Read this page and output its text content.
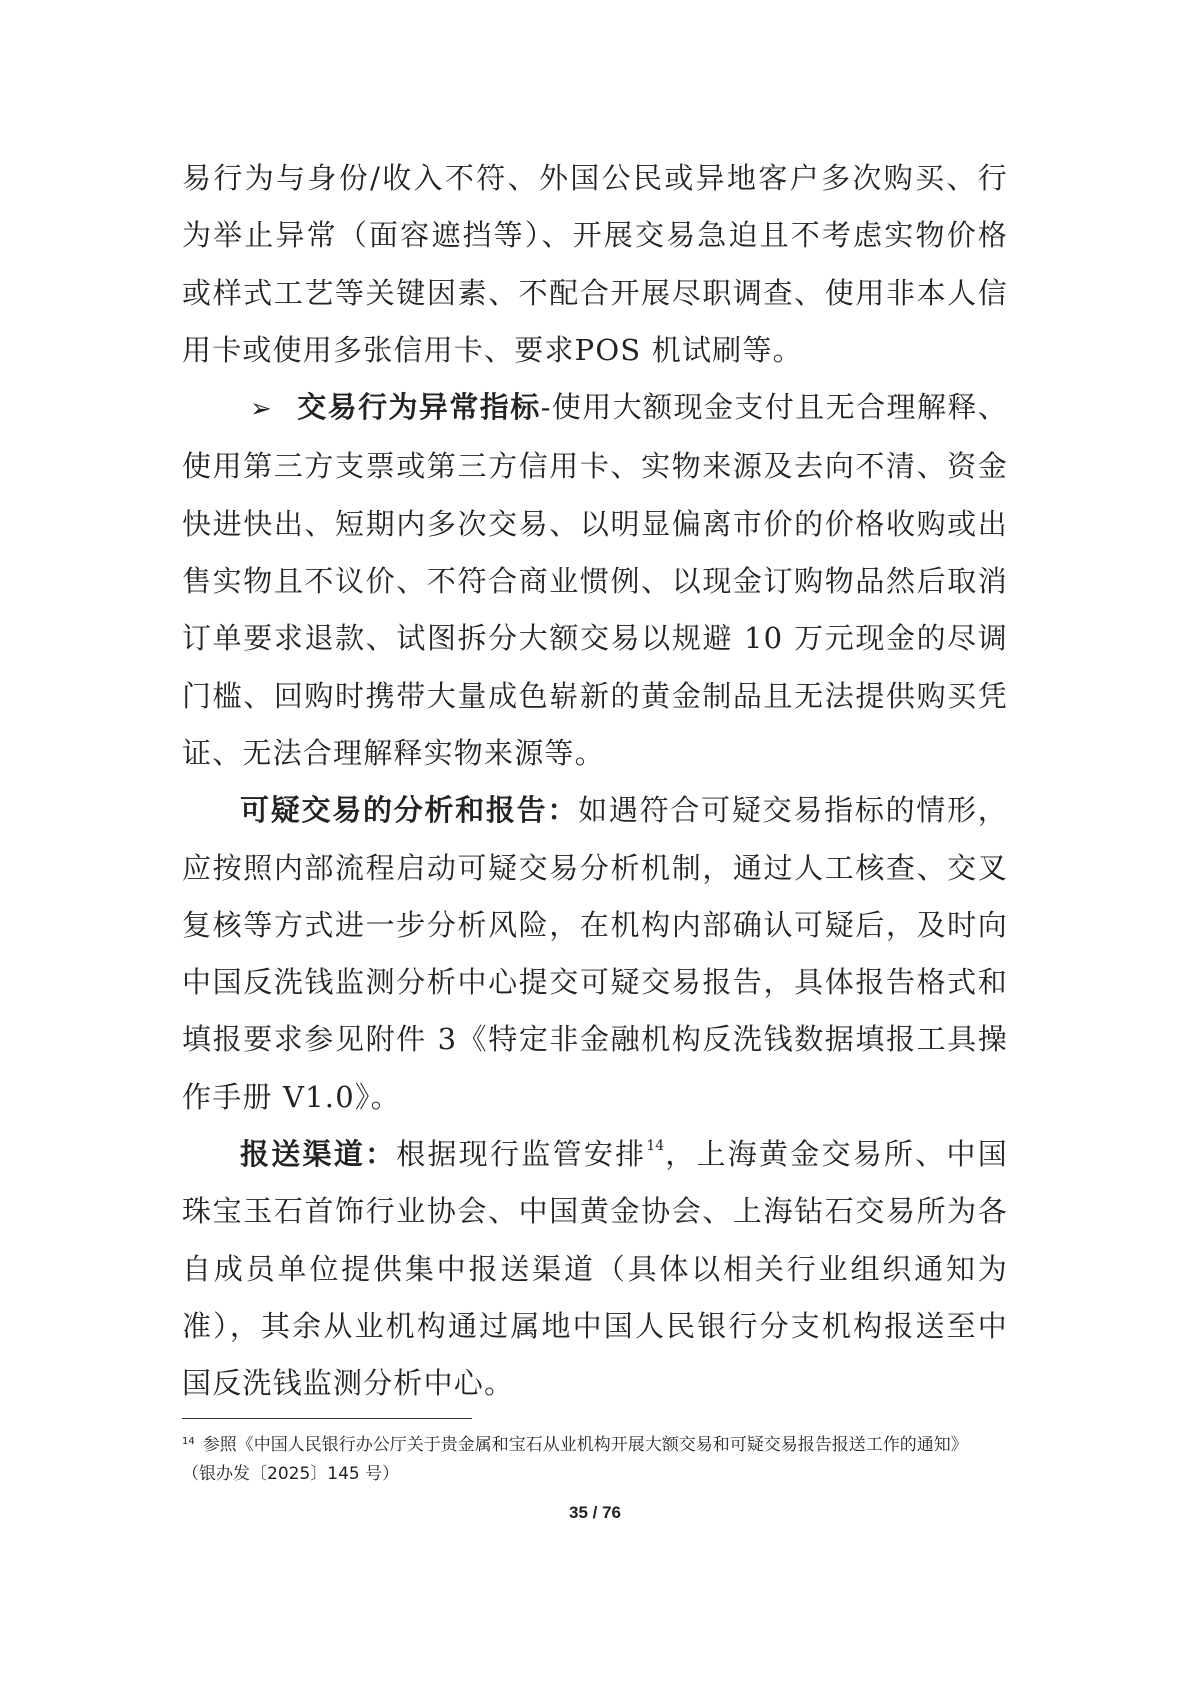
易行为与身份/收入不符、外国公民或异地客户多次购买、行为举止异常（面容遮挡等）、开展交易急迫且不考虑实物价格或样式工艺等关键因素、不配合开展尽职调查、使用非本人信用卡或使用多张信用卡、要求POS 机试刷等。

➢ 交易行为异常指标-使用大额现金支付且无合理解释、使用第三方支票或第三方信用卡、实物来源及去向不清、资金快进快出、短期内多次交易、以明显偏离市价的价格收购或出售实物且不议价、不符合商业惯例、以现金订购物品然后取消订单要求退款、试图拆分大额交易以规避 10 万元现金的尽调门槛、回购时携带大量成色崭新的黄金制品且无法提供购买凭证、无法合理解释实物来源等。

可疑交易的分析和报告：如遇符合可疑交易指标的情形，应按照内部流程启动可疑交易分析机制，通过人工核查、交叉复核等方式进一步分析风险，在机构内部确认可疑后，及时向中国反洗钱监测分析中心提交可疑交易报告，具体报告格式和填报要求参见附件 3《特定非金融机构反洗钱数据填报工具操作手册 V1.0》。

报送渠道：根据现行监管安排$^{14}$，上海黄金交易所、中国珠宝玉石首饰行业协会、中国黄金协会、上海钻石交易所为各自成员单位提供集中报送渠道（具体以相关行业组织通知为准），其余从业机构通过属地中国人民银行分支机构报送至中国反洗钱监测分析中心。

$^{14}$ 参照《中国人民银行办公厅关于贵金属和宝石从业机构开展大额交易和可疑交易报告报送工作的通知》

（银办发〔2025〕145 号）

35 / 76
